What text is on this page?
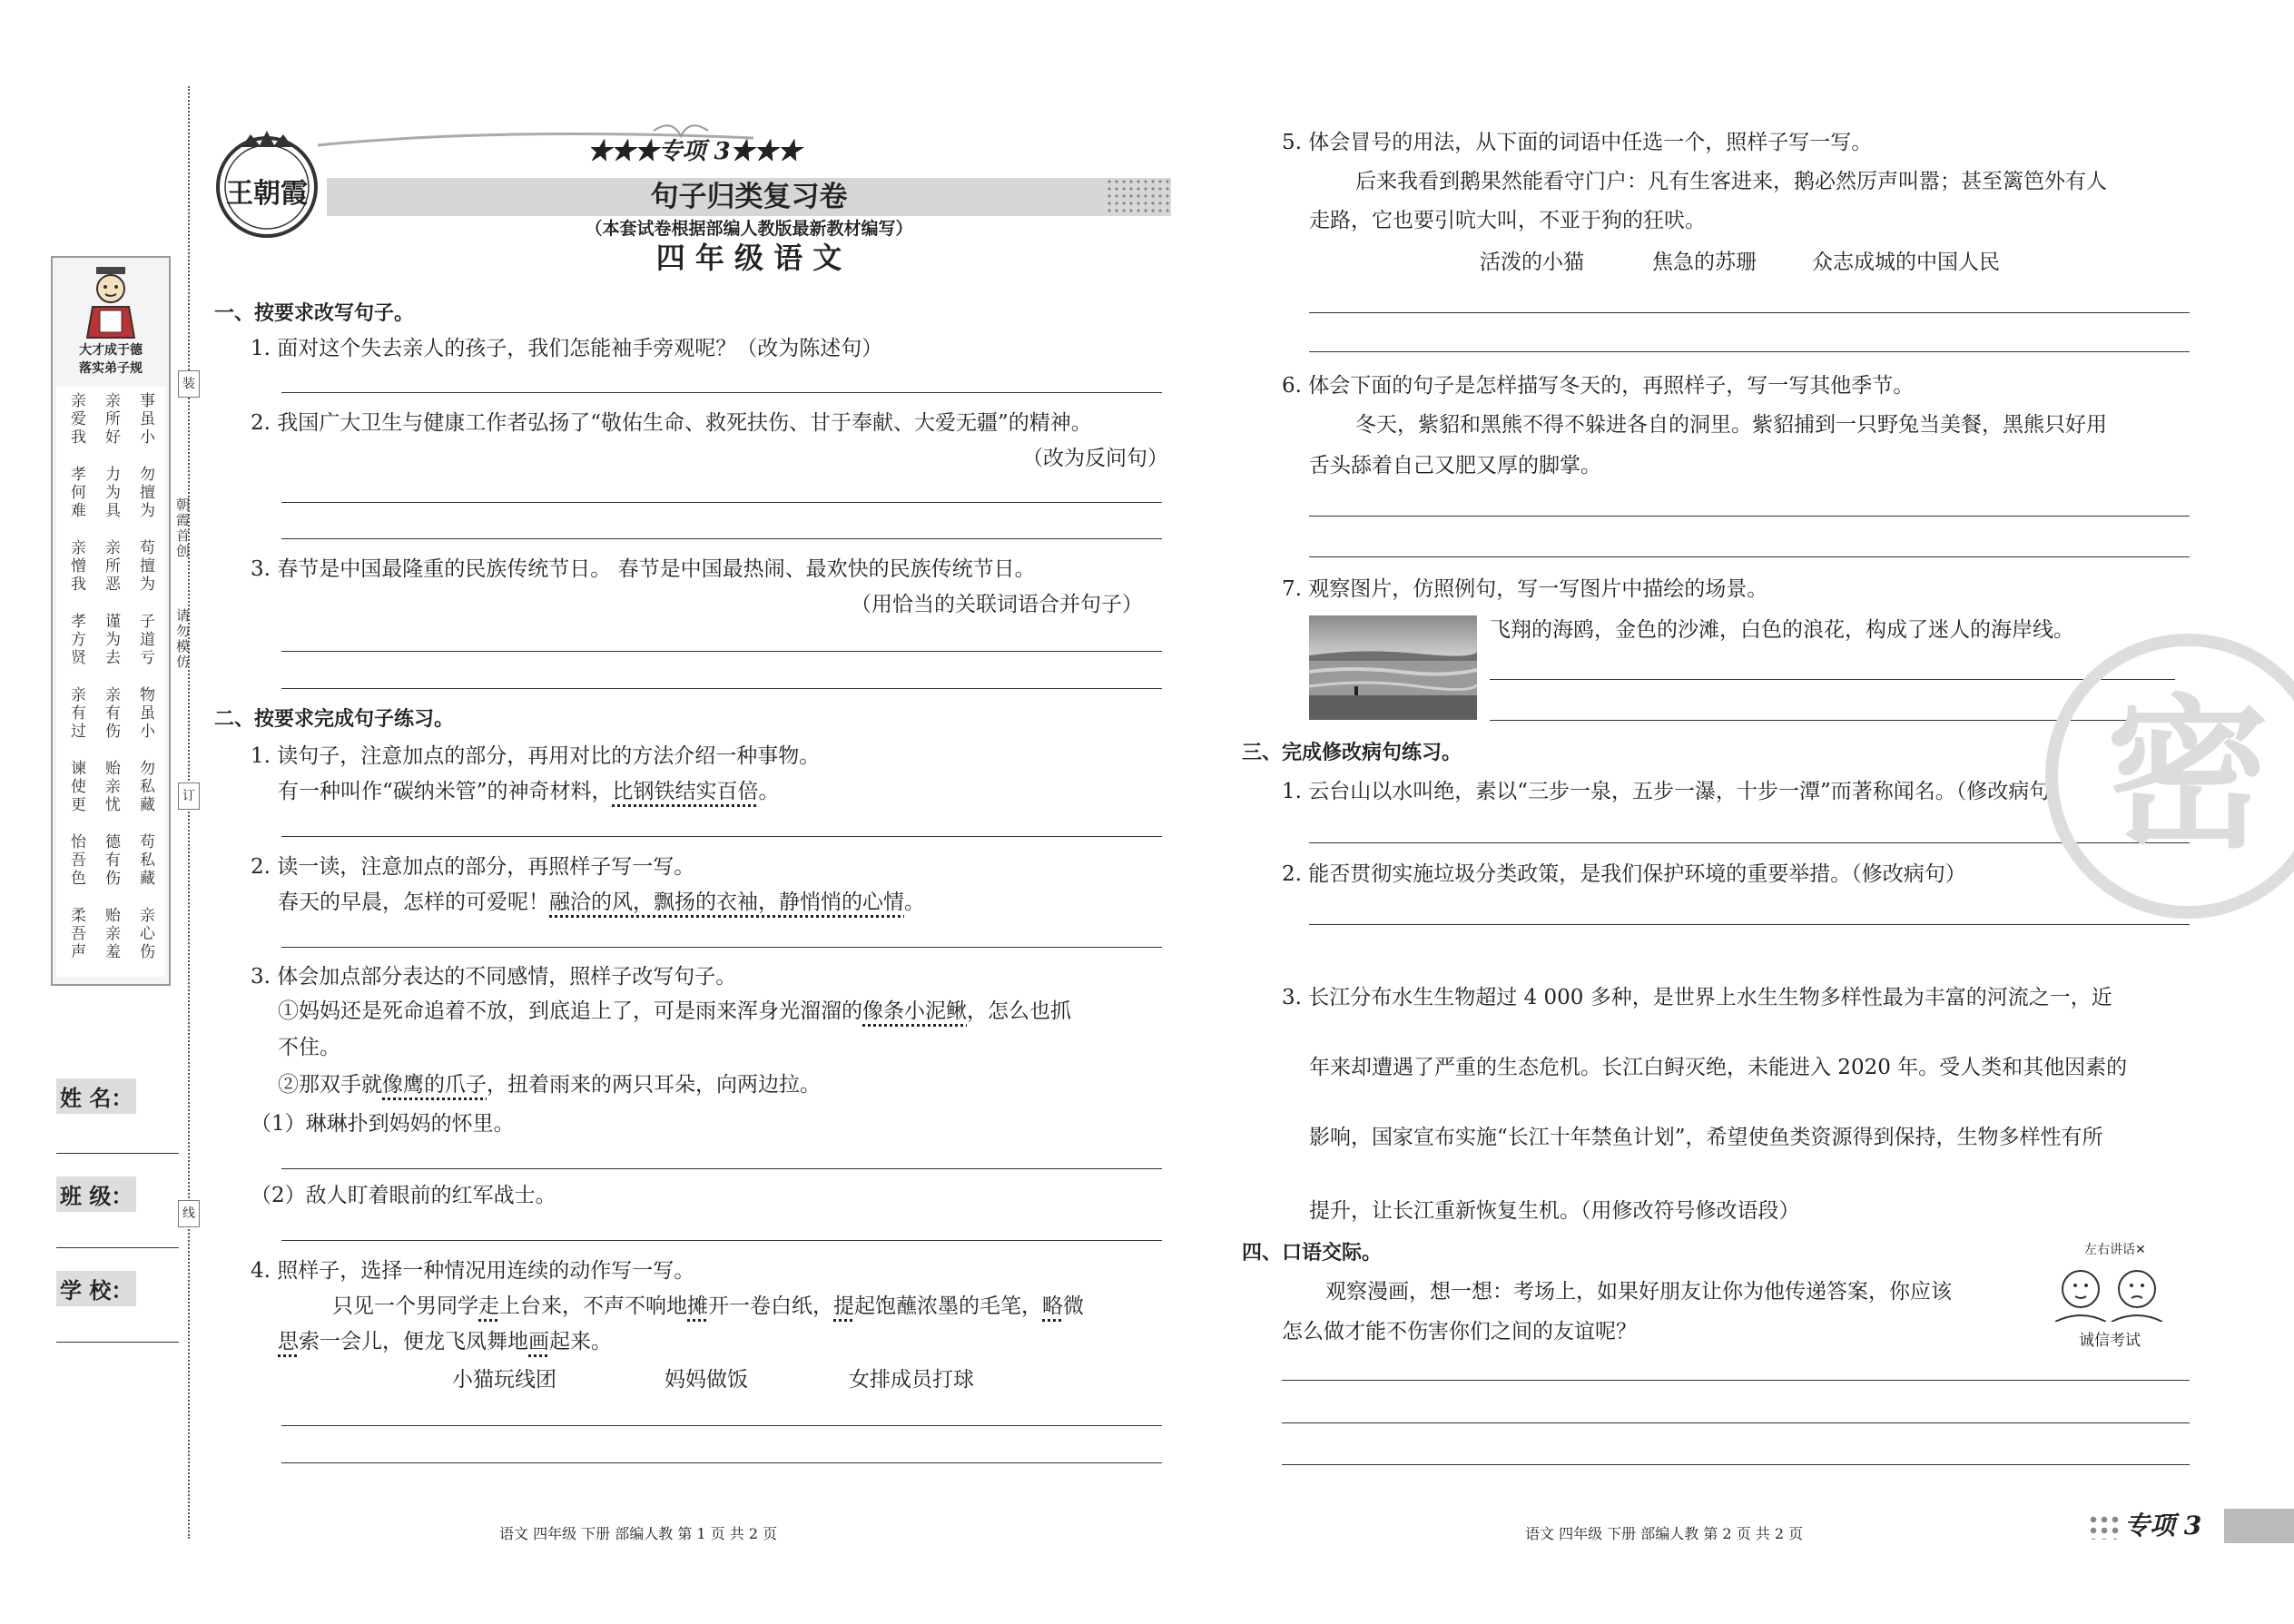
大才成于德
落实弟子规
事虽小
亲所好
亲爱我
勿擅为
力为具
孝何难
苟擅为
亲所恶
亲憎我
子道亏
谨为去
孝方贤
物虽小
亲有伤
亲有过
勿私藏
贻亲忧
谏使更
苟私藏
德有伤
怡吾色
亲心伤
贻亲羞
柔吾声
朝霞首创
请勿模仿
装
订
线
姓 名：
班 级：
学 校：
王朝霞
★★★专项 3★★★
句子归类复习卷
（本套试卷根据部编人教版最新教材编写）
四 年 级 语 文
一、按要求改写句子。
1. 面对这个失去亲人的孩子，我们怎能袖手旁观呢？（改为陈述句）
2. 我国广大卫生与健康工作者弘扬了“敬佑生命、救死扶伤、甘于奉献、大爱无疆”的精神。
（改为反问句）
3. 春节是中国最隆重的民族传统节日。 春节是中国最热闹、最欢快的民族传统节日。
（用恰当的关联词语合并句子）
二、按要求完成句子练习。
1. 读句子，注意加点的部分，再用对比的方法介绍一种事物。
有一种叫作“碳纳米管”的神奇材料，比钢铁结实百倍。
2. 读一读，注意加点的部分，再照样子写一写。
春天的早晨，怎样的可爱呢！融洽的风，飘扬的衣袖，静悄悄的心情。
3. 体会加点部分表达的不同感情，照样子改写句子。
①妈妈还是死命追着不放，到底追上了，可是雨来浑身光溜溜的像条小泥鳅，怎么也抓
不住。
②那双手就像鹰的爪子，扭着雨来的两只耳朵，向两边拉。
（1）琳琳扑到妈妈的怀里。
（2）敌人盯着眼前的红军战士。
4. 照样子，选择一种情况用连续的动作写一写。
只见一个男同学走上台来，不声不响地摊开一卷白纸，提起饱蘸浓墨的毛笔，略微
思索一会儿，便龙飞凤舞地画起来。
小猫玩线团	妈妈做饭	女排成员打球
语文 四年级 下册 部编人教 第 1 页 共 2 页
5. 体会冒号的用法，从下面的词语中任选一个，照样子写一写。
后来我看到鹅果然能看守门户：凡有生客进来，鹅必然厉声叫嚣；甚至篱笆外有人
走路，它也要引吭大叫，不亚于狗的狂吠。
活泼的小猫	焦急的苏珊	众志成城的中国人民
6. 体会下面的句子是怎样描写冬天的，再照样子，写一写其他季节。
冬天，紫貂和黑熊不得不躲进各自的洞里。紫貂捕到一只野兔当美餐，黑熊只好用
舌头舔着自己又肥又厚的脚掌。
7. 观察图片，仿照例句，写一写图片中描绘的场景。
飞翔的海鸥，金色的沙滩，白色的浪花，构成了迷人的海岸线。
三、完成修改病句练习。
1. 云台山以水叫绝，素以“三步一泉，五步一瀑，十步一潭”而著称闻名。（修改病句）
2. 能否贯彻实施垃圾分类政策，是我们保护环境的重要举措。（修改病句）
3. 长江分布水生生物超过 4 000 多种，是世界上水生生物多样性最为丰富的河流之一，近
年来却遭遇了严重的生态危机。长江白鲟灭绝，未能进入 2020 年。受人类和其他因素的
影响，国家宣布实施“长江十年禁鱼计划”，希望使鱼类资源得到保持，生物多样性有所
提升，让长江重新恢复生机。（用修改符号修改语段）
四、口语交际。
观察漫画，想一想：考场上，如果好朋友让你为他传递答案，你应该
怎么做才能不伤害你们之间的友谊呢？
左右讲话✕
诚信考试
密
语文 四年级 下册 部编人教 第 2 页 共 2 页	专项 3
